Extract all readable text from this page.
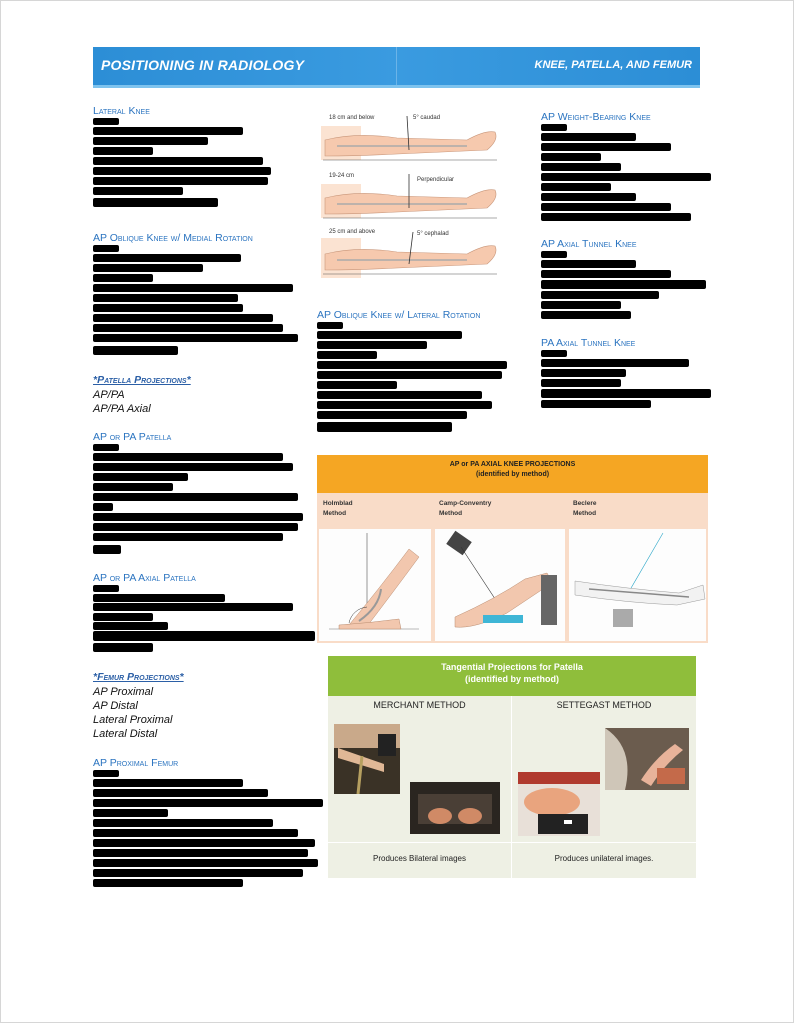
POSITIONING IN RADIOLOGY	KNEE, PATELLA, AND FEMUR
Lateral Knee
AP Oblique Knee w/ Medial Rotation
*Patella Projections*
AP/PA
AP/PA Axial
AP or PA Patella
AP or PA Axial Patella
*Femur Projections*
AP Proximal
AP Distal
Lateral Proximal
Lateral Distal
AP Proximal Femur
18 cm and below	5° caudad
19-24 cm
Perpendicular
25 cm and above	5° cephalad
AP Oblique Knee w/ Lateral Rotation
AP Weight-Bearing Knee
AP Axial Tunnel Knee
PA Axial Tunnel Knee
AP or PA AXIAL KNEE PROJECTIONS
(identified by method)
Holmblad
Method
Camp-Conventry
Method
Beclere
Method
Tangential Projections for Patella
(identified by method)
MERCHANT METHOD	SETTEGAST METHOD
Produces Bilateral images	Produces unilateral images.
